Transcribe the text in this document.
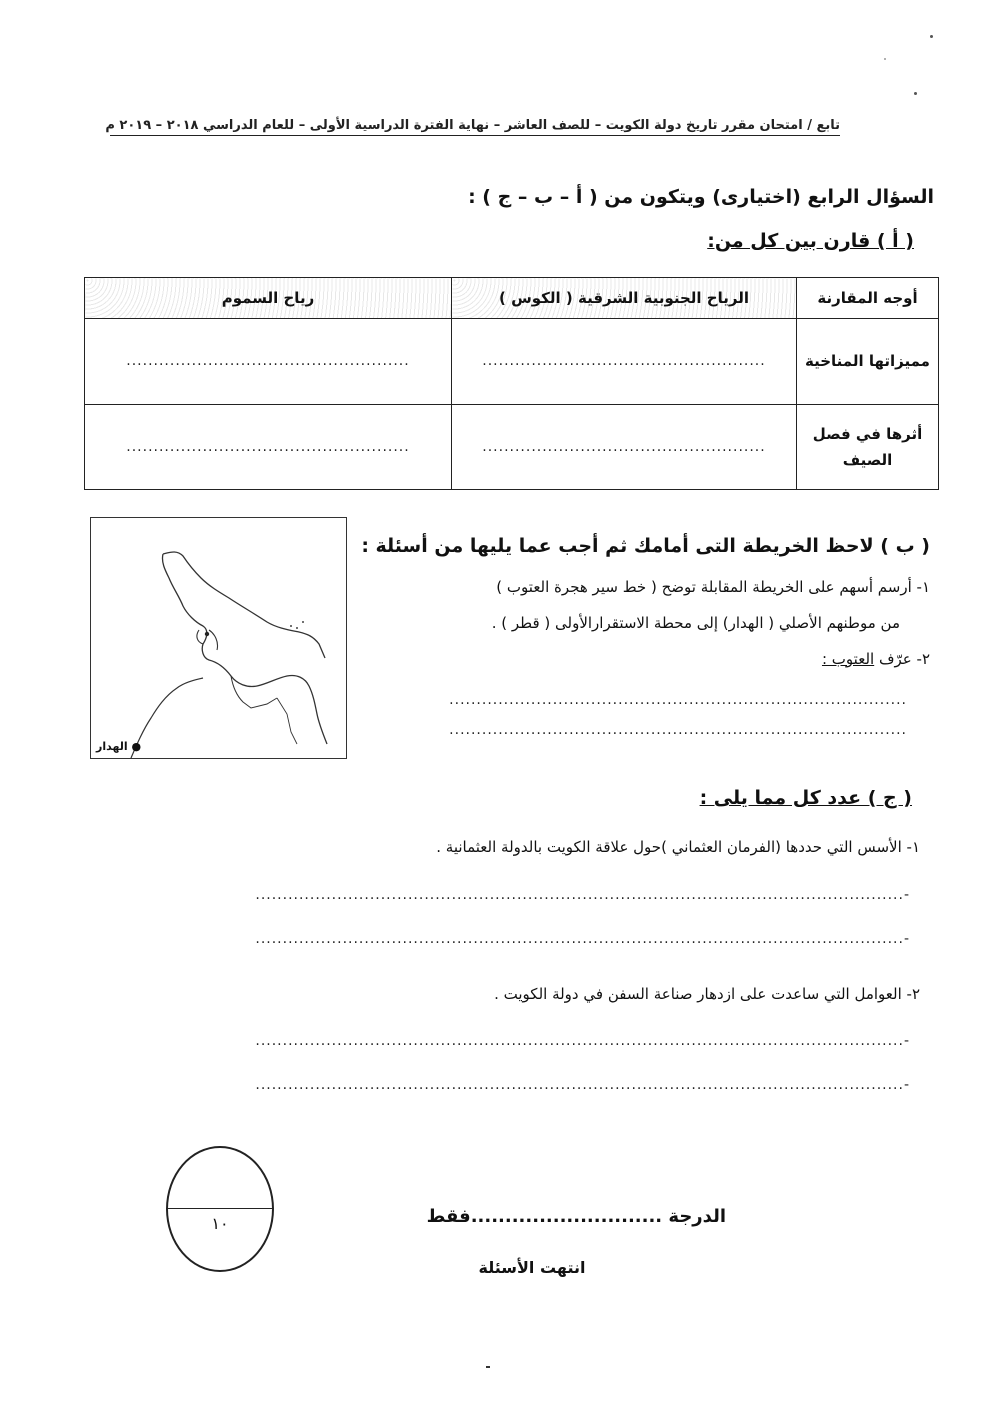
تابع / امتحان مقرر تاريخ دولة الكويت – للصف العاشر – نهاية الفترة الدراسية الأولى – للعام الدراسي ٢٠١٨ – ٢٠١٩ م
السؤال الرابع (اختيارى) ويتكون من ( أ – ب – ج ) :
( أ ) قارن بين كل من:
أوجه المقارنة	الرياح الجنوبية الشرقية ( الكوس )	رياح السموم
مميزاتها المناخية	....................................................	....................................................
أثرها في فصل الصيف	....................................................	....................................................
● الهدار
( ب ) لاحظ الخريطة التى أمامك ثم أجب عما يليها من أسئلة :
١- أرسم أسهم على الخريطة المقابلة توضح ( خط سير هجرة العتوب )
من موطنهم الأصلي ( الهدار) إلى محطة الاستقرارالأولى ( قطر ) .
٢- عرّف العتوب :
....................................................................................
....................................................................................
( ج ) عدد كل مما يلى :
١- الأسس التي حددها (الفرمان العثماني )حول علاقة الكويت بالدولة العثمانية .
-.......................................................................................................................
-.......................................................................................................................
٢- العوامل التي ساعدت على ازدهار صناعة السفن في دولة الكويت .
-.......................................................................................................................
-.......................................................................................................................
١٠	الدرجة ............................فقط
انتهت الأسئلة
